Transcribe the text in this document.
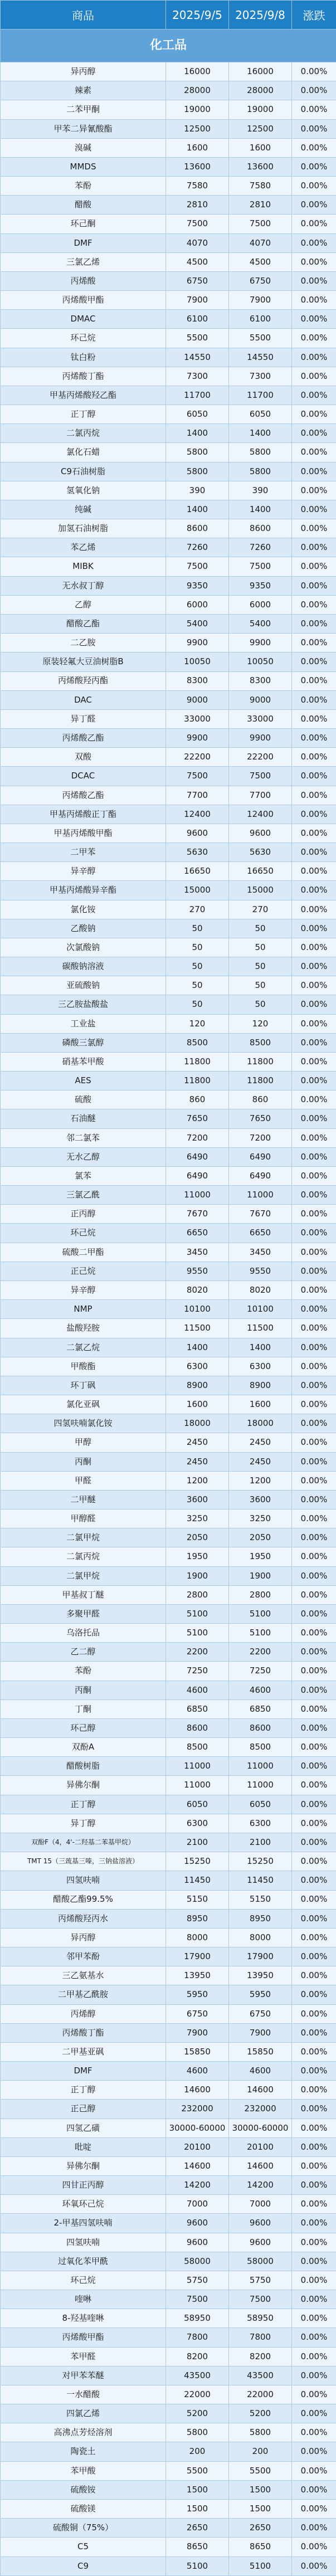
商品	2025/9/5	2025/9/8	涨跌
化工品			
异丙醇	16000	16000	0.00%
辣素	28000	28000	0.00%
二苯甲酮	19000	19000	0.00%
甲苯二异氰酸酯	12500	12500	0.00%
溴碱	1600	1600	0.00%
MMDS	13600	13600	0.00%
苯酚	7580	7580	0.00%
醋酸	2810	2810	0.00%
环己酮	7500	7500	0.00%
DMF	4070	4070	0.00%
三氯乙烯	4500	4500	0.00%
丙烯酸	6750	6750	0.00%
丙烯酸甲酯	7900	7900	0.00%
DMAC	6100	6100	0.00%
环己烷	5500	5500	0.00%
钛白粉	14550	14550	0.00%
丙烯酸丁酯	7300	7300	0.00%
甲基丙烯酸羟乙酯	11700	11700	0.00%
正丁醇	6050	6050	0.00%
二氯丙烷	1400	1400	0.00%
氯化石蜡	5800	5800	0.00%
C9石油树脂	5800	5800	0.00%
氢氧化钠	390	390	0.00%
纯碱	1400	1400	0.00%
加氢石油树脂	8600	8600	0.00%
苯乙烯	7260	7260	0.00%
MIBK	7500	7500	0.00%
无水叔丁醇	9350	9350	0.00%
乙醇	6000	6000	0.00%
醋酸乙酯	5400	5400	0.00%
二乙胺	9900	9900	0.00%
原装轻氟大豆油树脂B	10050	10050	0.00%
丙烯酸羟丙酯	8300	8300	0.00%
DAC	9000	9000	0.00%
异丁醛	33000	33000	0.00%
丙烯酸乙酯	9900	9900	0.00%
双酸	22200	22200	0.00%
DCAC	7500	7500	0.00%
丙烯酸乙酯	7700	7700	0.00%
甲基丙烯酸正丁酯	12400	12400	0.00%
甲基丙烯酸甲酯	9600	9600	0.00%
二甲苯	5630	5630	0.00%
异辛醇	16650	16650	0.00%
甲基丙烯酸异辛酯	15000	15000	0.00%
氯化铵	270	270	0.00%
乙酸钠	50	50	0.00%
次氯酸钠	50	50	0.00%
碳酸钠溶液	50	50	0.00%
亚硫酸钠	50	50	0.00%
三乙胺盐酸盐	50	50	0.00%
工业盐	120	120	0.00%
磷酸三氯醇	8500	8500	0.00%
硝基苯甲酸	11800	11800	0.00%
AES	11800	11800	0.00%
硫酸	860	860	0.00%
石油醚	7650	7650	0.00%
邻二氯苯	7200	7200	0.00%
无水乙醇	6490	6490	0.00%
氯苯	6490	6490	0.00%
三氯乙酰	11000	11000	0.00%
正丙醇	7670	7670	0.00%
环己烷	6650	6650	0.00%
硫酸二甲酯	3450	3450	0.00%
正己烷	9550	9550	0.00%
异辛醇	8020	8020	0.00%
NMP	10100	10100	0.00%
盐酸羟胺	11500	11500	0.00%
二氯乙烷	1400	1400	0.00%
甲酸酯	6300	6300	0.00%
环丁砜	8900	8900	0.00%
氯化亚砜	1600	1600	0.00%
四氢呋喃氯化铵	18000	18000	0.00%
甲醇	2450	2450	0.00%
丙酮	2450	2450	0.00%
甲醛	1200	1200	0.00%
二甲醚	3600	3600	0.00%
甲醇醛	3250	3250	0.00%
二氯甲烷	2050	2050	0.00%
二氯丙烷	1950	1950	0.00%
二氯甲烷	1900	1900	0.00%
甲基叔丁醚	2800	2800	0.00%
多聚甲醛	5100	5100	0.00%
乌洛托品	5100	5100	0.00%
乙二醇	2200	2200	0.00%
苯酚	7250	7250	0.00%
丙酮	4600	4600	0.00%
丁酮	6850	6850	0.00%
环己醇	8600	8600	0.00%
双酚A	8500	8500	0.00%
醋酸树脂	11000	11000	0.00%
异佛尔酮	11000	11000	0.00%
正丁醇	6050	6050	0.00%
异丁醇	6300	6300	0.00%
双酚F（4，4'-二羟基二苯基甲烷）	2100	2100	0.00%
TMT 15（三巯基三嗪，三钠盐溶液）	15250	15250	0.00%
四氢呋喃	11450	11450	0.00%
醋酸乙酯99.5%	5150	5150	0.00%
丙烯酸羟丙水	8950	8950	0.00%
异丙醇	8000	8000	0.00%
邻甲苯酚	17900	17900	0.00%
三乙氨基水	13950	13950	0.00%
二甲基乙酰胺	5950	5950	0.00%
丙烯醇	6750	6750	0.00%
丙烯酸丁酯	7900	7900	0.00%
二甲基亚砜	15850	15850	0.00%
DMF	4600	4600	0.00%
正丁醇	14600	14600	0.00%
正己醇	232000	232000	0.00%
四氢乙磺	30000-60000	30000-60000	0.00%
吡啶	20100	20100	0.00%
异佛尔酮	14600	14600	0.00%
四甘正丙醇	14200	14200	0.00%
环氧环己烷	7000	7000	0.00%
2-甲基四氢呋喃	9600	9600	0.00%
四氢呋喃	9600	9600	0.00%
过氧化苯甲酰	58000	58000	0.00%
环己烷	5750	5750	0.00%
喹啉	7500	7500	0.00%
8-羟基喹啉	58950	58950	0.00%
丙烯酸甲酯	7800	7800	0.00%
苯甲醛	8200	8200	0.00%
对甲苯苯醚	43500	43500	0.00%
一水醋酸	22000	22000	0.00%
四氯乙烯	5200	5200	0.00%
高沸点芳烃溶剂	5800	5800	0.00%
陶瓷土	200	200	0.00%
苯甲酸	5500	5500	0.00%
硫酸铵	1500	1500	0.00%
硫酸镁	1500	1500	0.00%
硫酸铜（75%）	2650	2650	0.00%
C5	8650	8650	0.00%
C9	5100	5100	0.00%
